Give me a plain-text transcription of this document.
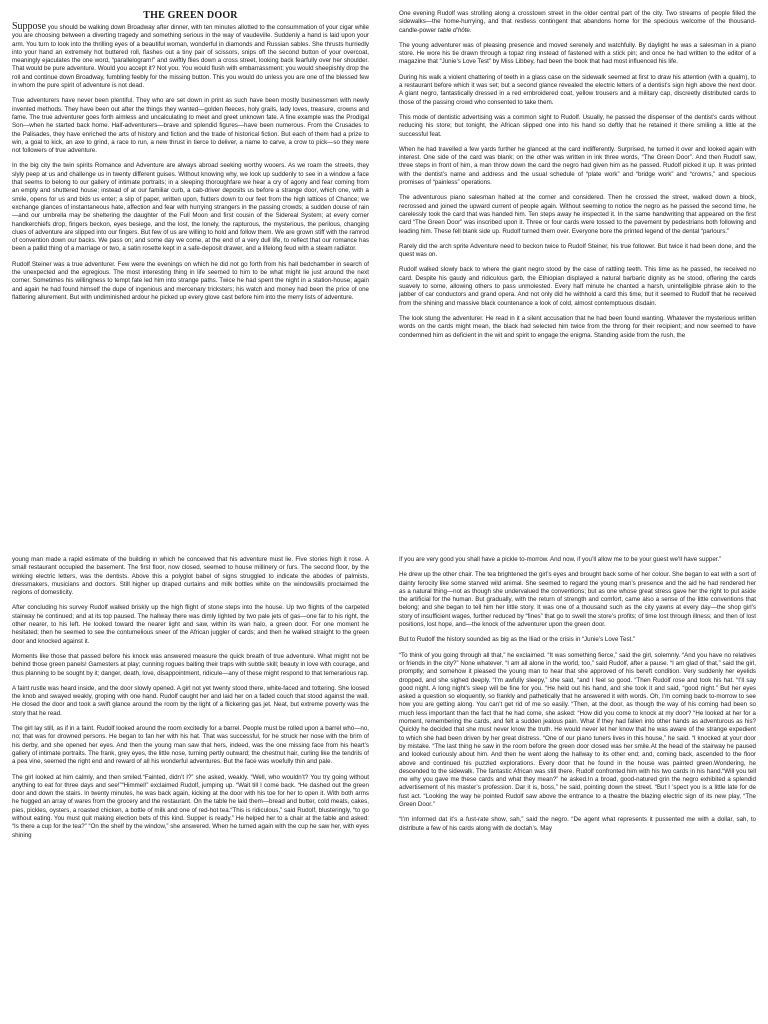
THE GREEN DOOR

Suppose you should be walking down Broadway after dinner, with ten minutes allotted to the consummation of your cigar while you are choosing between a diverting tragedy and something serious in the way of vaudeville. Suddenly a hand is laid upon your arm. You turn to look into the thrilling eyes of a beautiful woman, wonderful in diamonds and Russian sables. She thrusts hurriedly into your hand an extremely hot buttered roll, flashes out a tiny pair of scissors, snips off the second button of your overcoat, meaningly ejaculates the one word, “parallelogram!” and swiftly flies down a cross street, looking back fearfully over her shoulder. That would be pure adventure. Would you accept it? Not you. You would flush with embarrassment; you would sheepishly drop the roll and continue down Broadway, fumbling feebly for the missing button. This you would do unless you are one of the blessed few in whom the pure spirit of adventure is not dead.

True adventurers have never been plentiful. They who are set down in print as such have been mostly businessmen with newly invented methods. They have been out after the things they wanted—golden fleeces, holy grails, lady loves, treasure, crowns and fame. The true adventurer goes forth aimless and uncalculating to meet and greet unknown fate. A fine example was the Prodigal Son—when he started back home. Half-adventurers—brave and splendid figures—have been numerous. From the Crusades to the Palisades, they have enriched the arts of history and fiction and the trade of historical fiction. But each of them had a prize to win, a goal to kick, an axe to grind, a race to run, a new thrust in tierce to deliver, a name to carve, a crow to pick—so they were not followers of true adventure.

In the big city the twin spirits Romance and Adventure are always abroad seeking worthy wooers. As we roam the streets, they slyly peep at us and challenge us in twenty different guises. Without knowing why, we look up suddenly to see in a window a face that seems to belong to our gallery of intimate portraits; in a sleeping thoroughfare we hear a cry of agony and fear coming from an empty and shuttered house; instead of at our familiar curb, a cab-driver deposits us before a strange door, which one, with a smile, opens for us and bids us enter; a slip of paper, written upon, flutters down to our feet from the high lattices of Chance; we exchange glances of instantaneous hate, affection and fear with hurrying strangers in the passing crowds; a sudden douse of rain—and our umbrella may be sheltering the daughter of the Full Moon and first cousin of the Sidereal System; at every corner handkerchiefs drop, fingers beckon, eyes besiege, and the lost, the lonely, the rapturous, the mysterious, the perilous, changing clues of adventure are slipped into our fingers. But few of us are willing to hold and follow them. We are grown stiff with the ramrod of convention down our backs. We pass on; and some day we come, at the end of a very dull life, to reflect that our romance has been a pallid thing of a marriage or two, a satin rosette kept in a safe-deposit drawer, and a lifelong feud with a steam radiator.

Rudolf Steiner was a true adventurer. Few were the evenings on which he did not go forth from his hall bedchamber in search of the unexpected and the egregious. The most interesting thing in life seemed to him to be what might lie just around the next corner. Sometimes his willingness to tempt fate led him into strange paths. Twice he had spent the night in a station-house; again and again he had found himself the dupe of ingenious and mercenary tricksters; his watch and money had been the price of one flattering allurement. But with undiminished ardour he picked up every glove cast before him into the merry lists of adventure.

One evening Rudolf was strolling along a crosstown street in the older central part of the city. Two streams of people filled the sidewalks—the home-hurrying, and that restless contingent that abandons home for the specious welcome of the thousand-candle-power table d’hôte.

The young adventurer was of pleasing presence and moved serenely and watchfully. By daylight he was a salesman in a piano store. He wore his tie drawn through a topaz ring instead of fastened with a stick pin; and once he had written to the editor of a magazine that “Junie’s Love Test” by Miss Libbey, had been the book that had most influenced his life.

During his walk a violent chattering of teeth in a glass case on the sidewalk seemed at first to draw his attention (with a qualm), to a restaurant before which it was set; but a second glance revealed the electric letters of a dentist’s sign high above the next door. A giant negro, fantastically dressed in a red embroidered coat, yellow trousers and a military cap, discreetly distributed cards to those of the passing crowd who consented to take them.

This mode of dentistic advertising was a common sight to Rudolf. Usually, he passed the dispenser of the dentist’s cards without reducing his store; but tonight, the African slipped one into his hand so deftly that he retained it there smiling a little at the successful feat.

When he had travelled a few yards further he glanced at the card indifferently. Surprised, he turned it over and looked again with interest. One side of the card was blank; on the other was written in ink three words, “The Green Door”. And then Rudolf saw, three steps in front of him, a man throw down the card the negro had given him as he passed. Rudolf picked it up. It was printed with the dentist’s name and address and the usual schedule of “plate work” and “bridge work” and “crowns,” and specious promises of “painless” operations.

The adventurous piano salesman halted at the corner and considered. Then he crossed the street, walked down a block, recrossed and joined the upward current of people again. Without seeming to notice the negro as he passed the second time, he carelessly took the card that was handed him. Ten steps away he inspected it. In the same handwriting that appeared on the first card “The Green Door” was inscribed upon it. Three or four cards were tossed to the pavement by pedestrians both following and leading him. These fell blank side up. Rudolf turned them over. Everyone bore the printed legend of the dental “parlours.”

Rarely did the arch sprite Adventure need to beckon twice to Rudolf Steiner, his true follower. But twice it had been done, and the quest was on.

Rudolf walked slowly back to where the giant negro stood by the case of rattling teeth. This time as he passed, he received no card. Despite his gaudy and ridiculous garb, the Ethiopian displayed a natural barbaric dignity as he stood, offering the cards suavely to some, allowing others to pass unmolested. Every half minute he chanted a harsh, unintelligible phrase akin to the jabber of car conductors and grand opera. And not only did he withhold a card this time, but it seemed to Rudolf that he received from the shining and massive black countenance a look of cold, almost contemptuous disdain.

The look stung the adventurer. He read in it a silent accusation that he had been found wanting. Whatever the mysterious written words on the cards might mean, the black had selected him twice from the throng for their recipient; and now seemed to have condemned him as deficient in the wit and spirit to engage the enigma. Standing aside from the rush, the

young man made a rapid estimate of the building in which he conceived that his adventure must lie. Five stories high it rose. A small restaurant occupied the basement. The first floor, now closed, seemed to house millinery or furs. The second floor, by the winking electric letters, was the dentists. Above this a polyglot babel of signs struggled to indicate the abodes of palmists, dressmakers, musicians and doctors. Still higher up draped curtains and milk bottles white on the windowsills proclaimed the regions of domesticity.

After concluding his survey Rudolf walked briskly up the high flight of stone steps into the house. Up two flights of the carpeted stairway he continued; and at its top paused. The hallway there was dimly lighted by two pale jets of gas—one far to his right, the other nearer, to his left. He looked toward the nearer light and saw, within its wan halo, a green door. For one moment he hesitated; then he seemed to see the contumelious sneer of the African juggler of cards; and then he walked straight to the green door and knocked against it.

Moments like those that passed before his knock was answered measure the quick breath of true adventure. What might not be behind those green panels! Gamesters at play; cunning rogues baiting their traps with subtle skill; beauty in love with courage, and thus planning to be sought by it; danger, death, love, disappointment, ridicule—any of these might respond to that temerarious rap.

A faint rustle was heard inside, and the door slowly opened. A girl not yet twenty stood there, white-faced and tottering. She loosed the knob and swayed weakly, groping with one hand. Rudolf caught her and laid her on a faded couch that stood against the wall. He closed the door and took a swift glance around the room by the light of a flickering gas jet. Neat, but extreme poverty was the story that he read.

The girl lay still, as if in a faint. Rudolf looked around the room excitedly for a barrel. People must be rolled upon a barrel who—no, no; that was for drowned persons. He began to fan her with his hat. That was successful, for he struck her nose with the brim of his derby, and she opened her eyes. And then the young man saw that hers, indeed, was the one missing face from his heart’s gallery of intimate portraits. The frank, grey eyes, the little nose, turning pertly outward; the chestnut hair, curling like the tendrils of a pea vine, seemed the right end and reward of all his wonderful adventures. But the face was woefully thin and pale.

The girl looked at him calmly, and then smiled.“Fainted, didn’t I?” she asked, weakly. “Well, who wouldn’t? You try going without anything to eat for three days and see!”“Himmel!” exclaimed Rudolf, jumping up. “Wait till I come back. “He dashed out the green door and down the stairs. In twenty minutes, he was back again, kicking at the door with his toe for her to open it. With both arms he hugged an array of wares from the grocery and the restaurant. On the table he laid them—bread and butter, cold meats, cakes, pies, pickles, oysters, a roasted chicken, a bottle of milk and one of red-hot tea.“This is ridiculous,” said Rudolf, blusteringly, “to go without eating. You must quit making election bets of this kind. Supper is ready.” He helped her to a chair at the table and asked: “Is there a cup for the tea?” “On the shelf by the window,” she answered. When he turned again with the cup he saw her, with eyes shining

If you are very good you shall have a pickle to-morrow. And now, if you’ll allow me to be your guest we’ll have supper.”

He drew up the other chair. The tea brightened the girl’s eyes and brought back some of her colour. She began to eat with a sort of dainty ferocity like some starved wild animal. She seemed to regard the young man’s presence and the aid he had rendered her as a natural thing—not as though she undervalued the conventions; but as one whose great stress gave her the right to put aside the artificial for the human. But gradually, with the return of strength and comfort, came also a sense of the little conventions that belong; and she began to tell him her little story. It was one of a thousand such as the city yawns at every day—the shop girl’s story of insufficient wages, further reduced by “fines” that go to swell the store’s profits; of time lost through illness; and then of lost positions, lost hope, and—the knock of the adventurer upon the green door.

But to Rudolf the history sounded as big as the Iliad or the crisis in “Junie’s Love Test.”

“To think of you going through all that,” he exclaimed. “It was something fierce,” said the girl, solemnly. “And you have no relatives or friends in the city?” None whatever. “I am all alone in the world, too,” said Rudolf, after a pause. “I am glad of that,” said the girl, promptly; and somehow it pleased the young man to hear that she approved of his bereft condition. Very suddenly her eyelids dropped, and she sighed deeply. “I’m awfully sleepy,” she said, “and I feel so good. “Then Rudolf rose and took his hat. “I’ll say good night. A long night’s sleep will be fine for you. “He held out his hand, and she took it and said, “good night.” But her eyes asked a question so eloquently, so frankly and pathetically that he answered it with words. Oh, I’m coming back to-morrow to see how you are getting along. You can’t get rid of me so easily. “Then, at the door, as though the way of his coming had been so much less important than the fact that he had come, she asked: “How did you come to knock at my door? “He looked at her for a moment, remembering the cards, and felt a sudden jealous pain. What if they had fallen into other hands as adventurous as his? Quickly he decided that she must never know the truth. He would never let her know that he was aware of the strange expedient to which she had been driven by her great distress. “One of our piano tuners lives in this house,” he said. “I knocked at your door by mistake. “The last thing he saw in the room before the green door closed was her smile.At the head of the stairway he paused and looked curiously about him. And then he went along the hallway to its other end; and, coming back, ascended to the floor above and continued his puzzled explorations. Every door that he found in the house was painted green.Wondering, he descended to the sidewalk. The fantastic African was still there. Rudolf confronted him with his two cards in his hand.“Will you tell me why you gave me these cards and what they mean?” he asked.In a broad, good-natured grin the negro exhibited a splendid advertisement of his master’s profession. Dar it is, boss,” he said, pointing down the street. “But I ’spect you is a little late for de fust act. “Looking the way he pointed Rudolf saw above the entrance to a theatre the blazing electric sign of its new play, “The Green Door.”

“I’m informed dat it’s a fust-rate show, sah,” said the negro. “De agent what represents it pussented me with a dollar, sah, to distribute a few of his cards along with de doctah’s. May
